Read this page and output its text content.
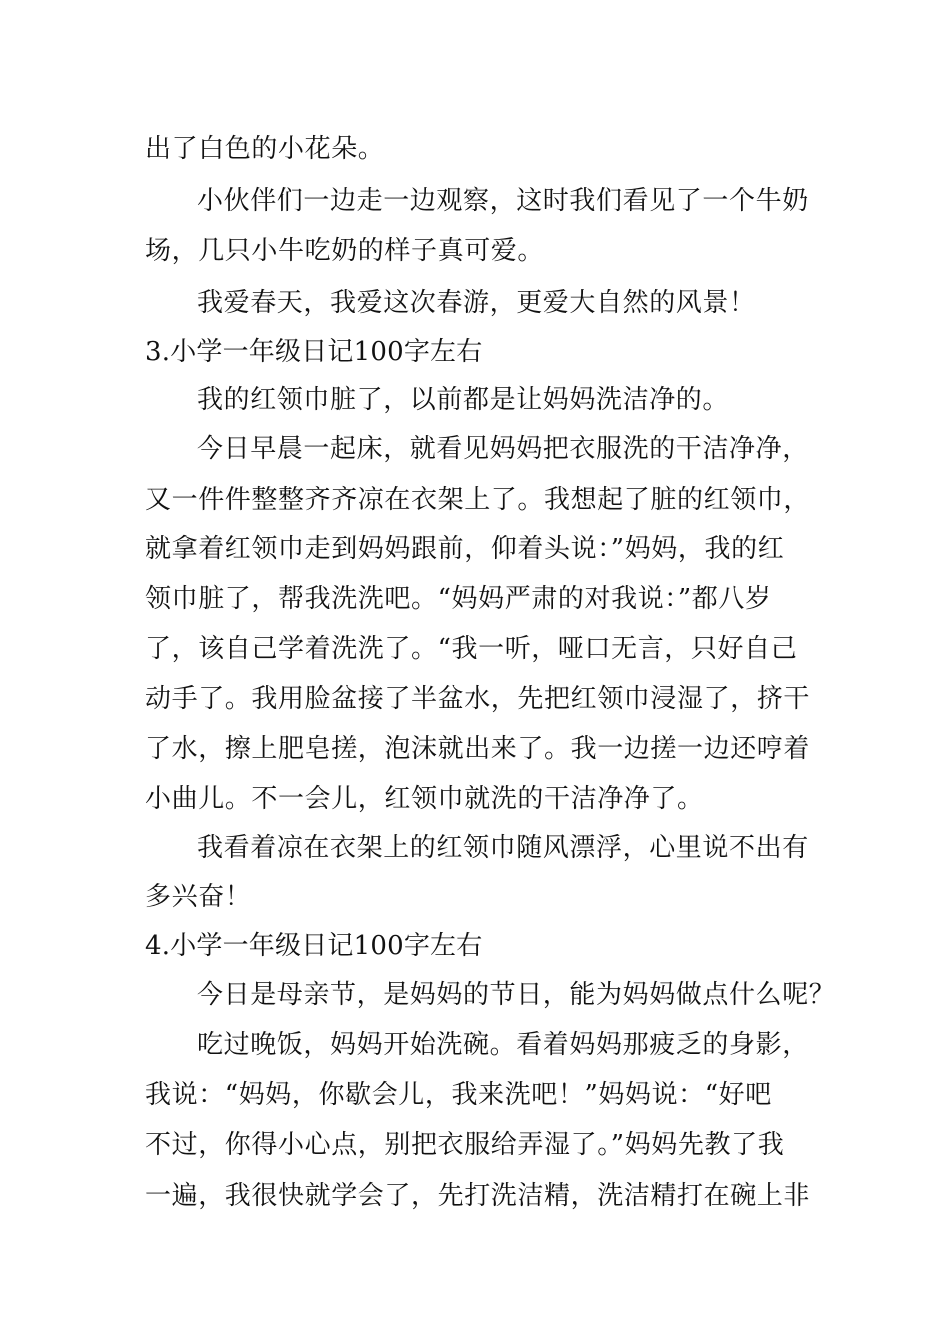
出了白色的小花朵。
小伙伴们一边走一边观察，这时我们看见了一个牛奶
场，几只小牛吃奶的样子真可爱。
我爱春天，我爱这次春游，更爱大自然的风景！
3.小学一年级日记100字左右
我的红领巾脏了，以前都是让妈妈洗洁净的。
今日早晨一起床，就看见妈妈把衣服洗的干洁净净，
又一件件整整齐齐凉在衣架上了。我想起了脏的红领巾，
就拿着红领巾走到妈妈跟前，仰着头说：”妈妈，我的红
领巾脏了，帮我洗洗吧。“妈妈严肃的对我说：”都八岁
了，该自己学着洗洗了。“我一听，哑口无言，只好自己
动手了。我用脸盆接了半盆水，先把红领巾浸湿了，挤干
了水，擦上肥皂搓，泡沫就出来了。我一边搓一边还哼着
小曲儿。不一会儿，红领巾就洗的干洁净净了。
我看着凉在衣架上的红领巾随风漂浮，心里说不出有
多兴奋！
4.小学一年级日记100字左右
今日是母亲节，是妈妈的节日，能为妈妈做点什么呢？
吃过晚饭，妈妈开始洗碗。看着妈妈那疲乏的身影，
我说：“妈妈，你歇会儿，我来洗吧！”妈妈说：“好吧
不过，你得小心点，别把衣服给弄湿了。”妈妈先教了我
一遍，我很快就学会了，先打洗洁精，洗洁精打在碗上非
